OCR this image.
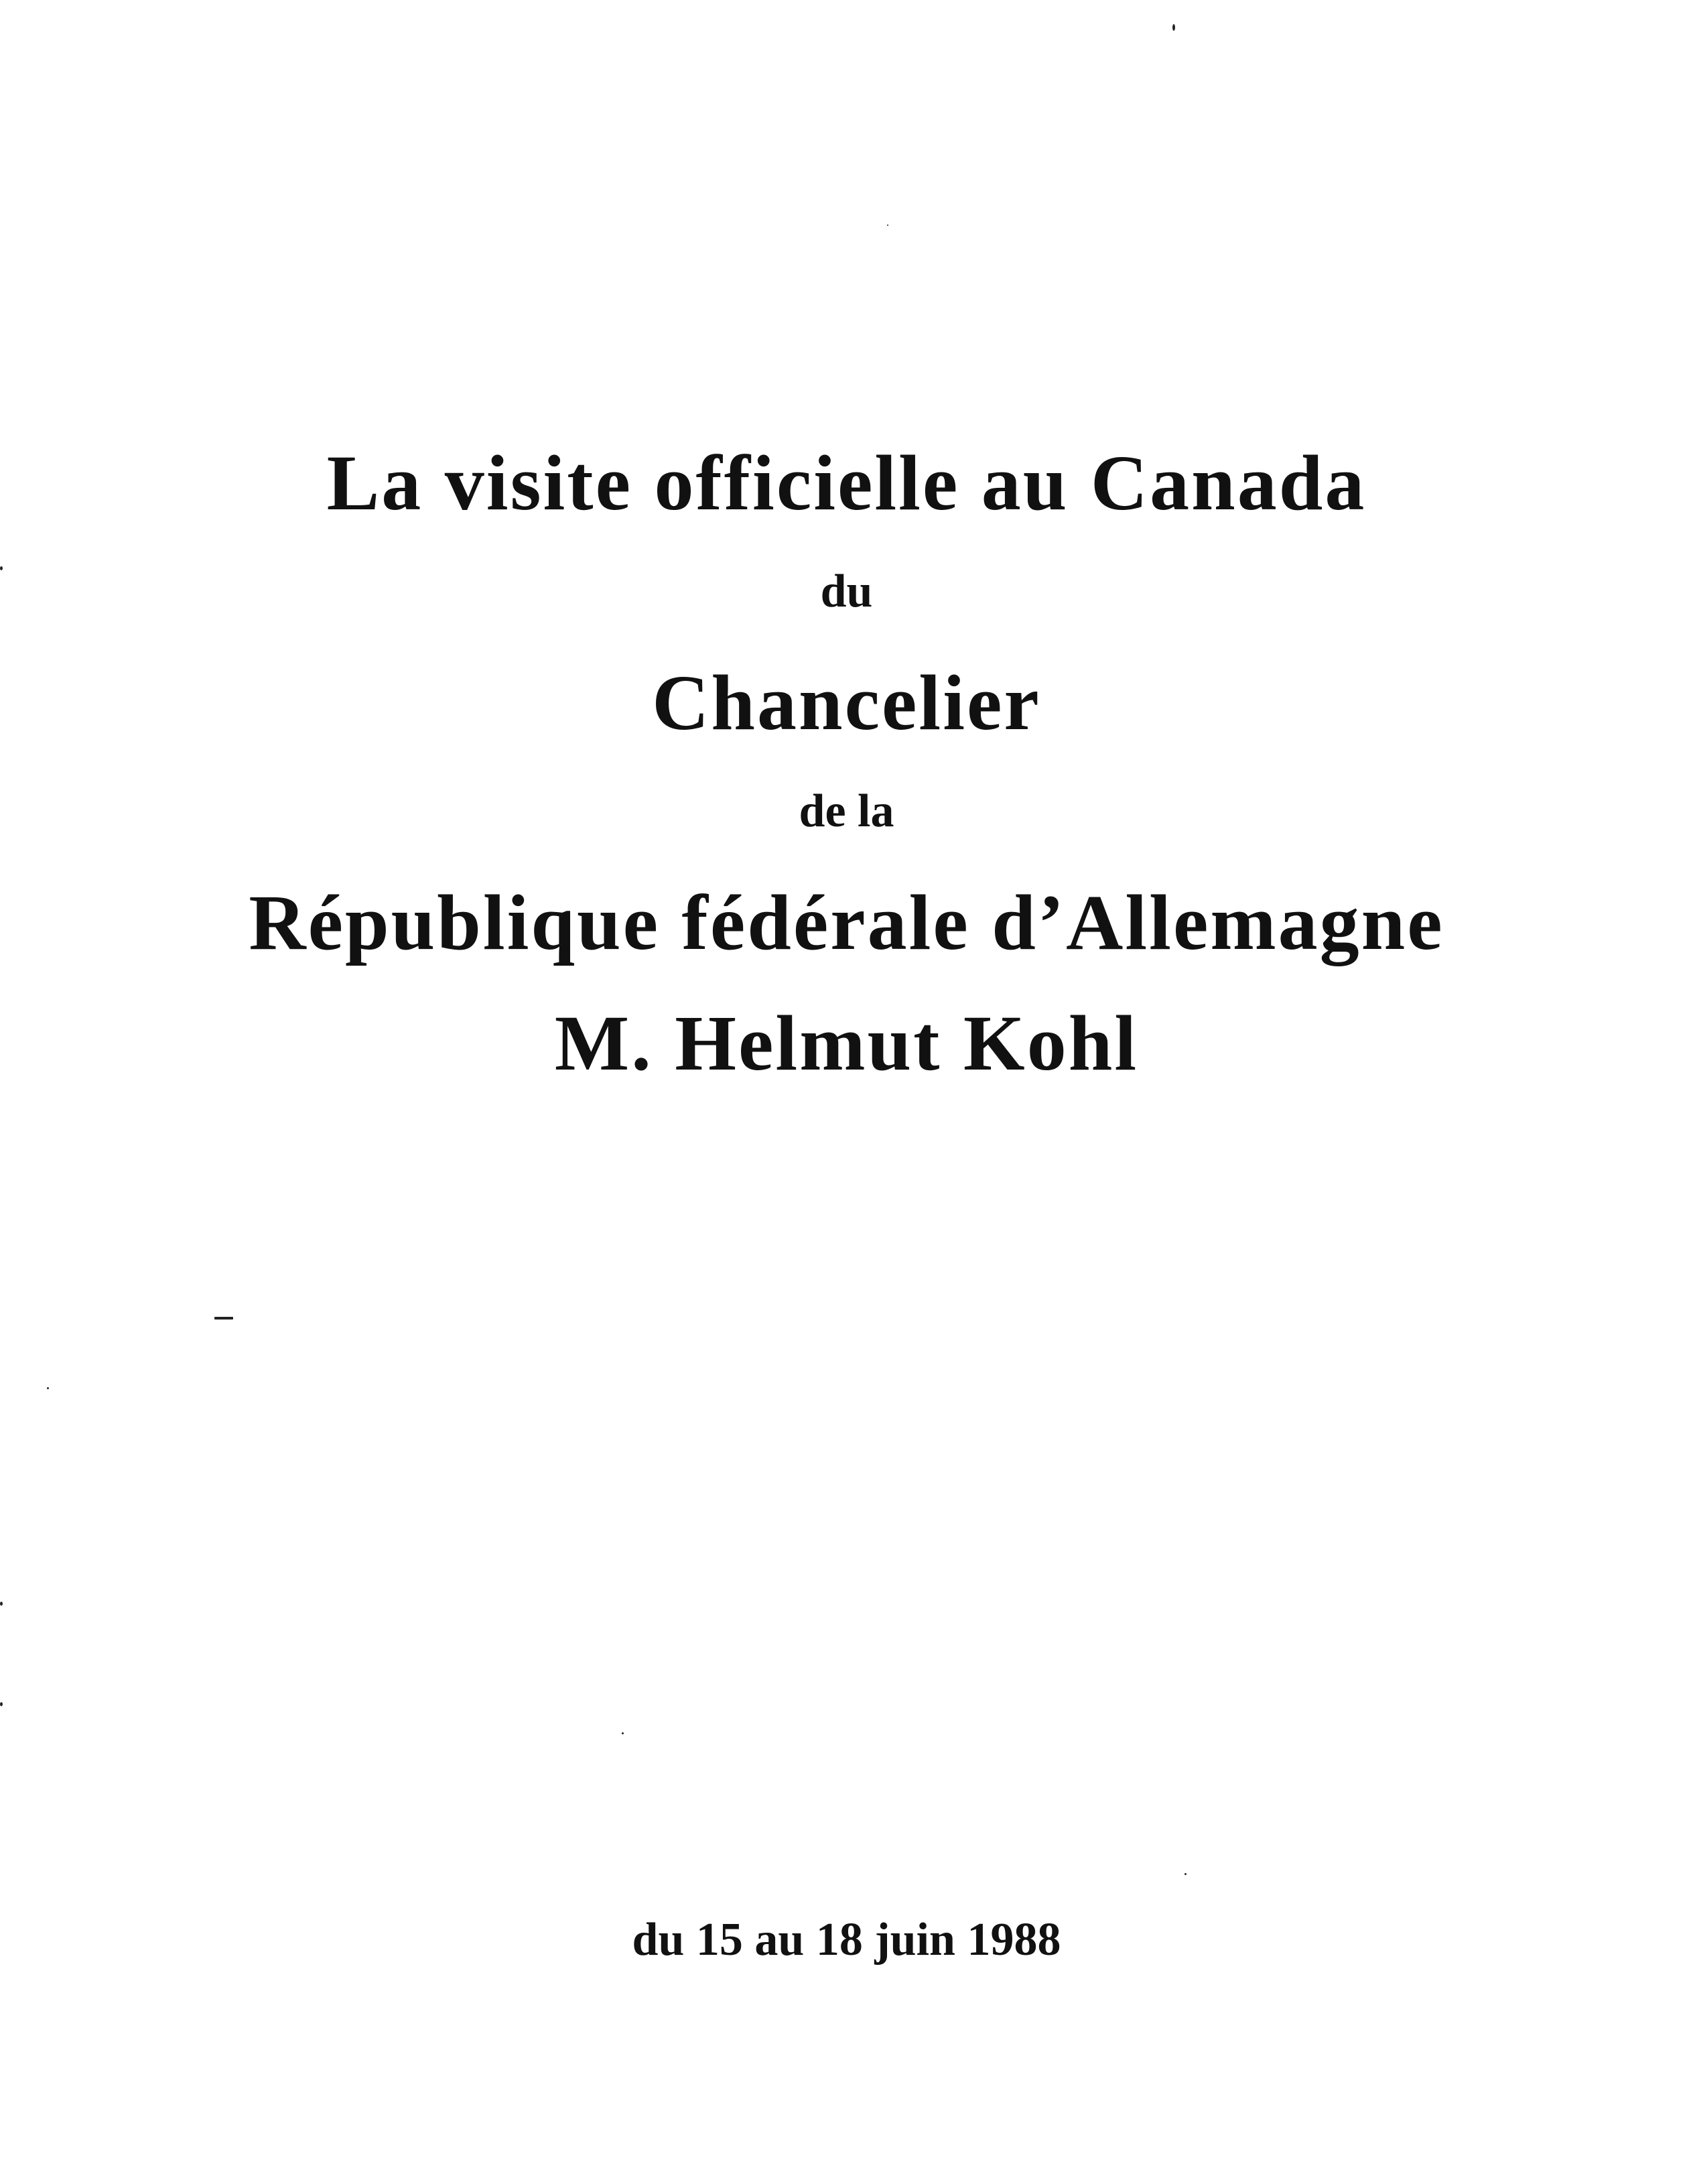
La visite officielle au Canada
du
Chancelier
de la
République fédérale d’Allemagne
M. Helmut Kohl
du 15 au 18 juin 1988
